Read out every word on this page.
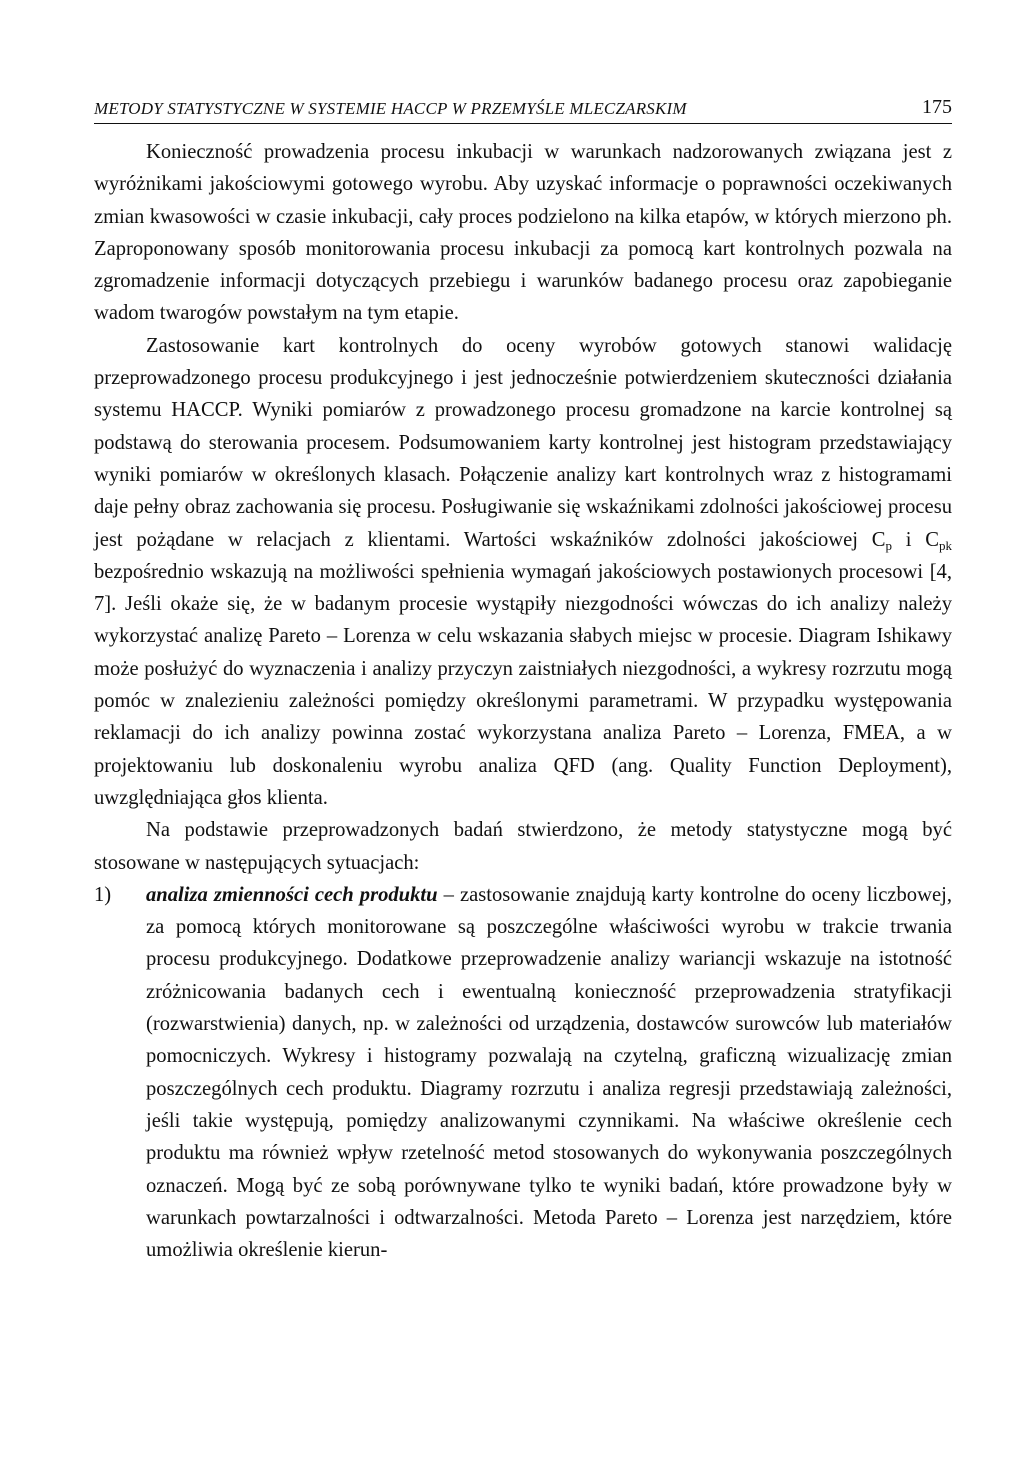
METODY STATYSTYCZNE W SYSTEMIE HACCP W PRZEMYŚLE MLECZARSKIM	175

Konieczność prowadzenia procesu inkubacji w warunkach nadzorowanych związana jest z wyróżnikami jakościowymi gotowego wyrobu. Aby uzyskać informacje o poprawności oczekiwanych zmian kwasowości w czasie inkubacji, cały proces podzielono na kilka etapów, w których mierzono ph. Zaproponowany sposób monitorowania procesu inkubacji za pomocą kart kontrolnych pozwala na zgromadzenie informacji dotyczących przebiegu i warunków badanego procesu oraz zapobieganie wadom twarogów powstałym na tym etapie.

Zastosowanie kart kontrolnych do oceny wyrobów gotowych stanowi walidację przeprowadzonego procesu produkcyjnego i jest jednocześnie potwierdzeniem skuteczności działania systemu HACCP. Wyniki pomiarów z prowadzonego procesu gromadzone na karcie kontrolnej są podstawą do sterowania procesem. Podsumowaniem karty kontrolnej jest histogram przedstawiający wyniki pomiarów w określonych klasach. Połączenie analizy kart kontrolnych wraz z histogramami daje pełny obraz zachowania się procesu. Posługiwanie się wskaźnikami zdolności jakościowej procesu jest pożądane w relacjach z klientami. Wartości wskaźników zdolności jakościowej $C_p$ i $C_{pk}$ bezpośrednio wskazują na możliwości spełnienia wymagań jakościowych postawionych procesowi [4, 7]. Jeśli okaże się, że w badanym procesie wystąpiły niezgodności wówczas do ich analizy należy wykorzystać analizę Pareto – Lorenza w celu wskazania słabych miejsc w procesie. Diagram Ishikawy może posłużyć do wyznaczenia i analizy przyczyn zaistniałych niezgodności, a wykresy rozrzutu mogą pomóc w znalezieniu zależności pomiędzy określonymi parametrami. W przypadku występowania reklamacji do ich analizy powinna zostać wykorzystana analiza Pareto – Lorenza, FMEA, a w projektowaniu lub doskonaleniu wyrobu analiza QFD (ang. Quality Function Deployment), uwzględniająca głos klienta.

Na podstawie przeprowadzonych badań stwierdzono, że metody statystyczne mogą być stosowane w następujących sytuacjach:

1)	analiza zmienności cech produktu – zastosowanie znajdują karty kontrolne do oceny liczbowej, za pomocą których monitorowane są poszczególne właściwości wyrobu w trakcie trwania procesu produkcyjnego. Dodatkowe przeprowadzenie analizy wariancji wskazuje na istotność zróżnicowania badanych cech i ewentualną konieczność przeprowadzenia stratyfikacji (rozwarstwienia) danych, np. w zależności od urządzenia, dostawców surowców lub materiałów pomocniczych. Wykresy i histogramy pozwalają na czytelną, graficzną wizualizację zmian poszczególnych cech produktu. Diagramy rozrzutu i analiza regresji przedstawiają zależności, jeśli takie występują, pomiędzy analizowanymi czynnikami. Na właściwe określenie cech produktu ma również wpływ rzetelność metod stosowanych do wykonywania poszczególnych oznaczeń. Mogą być ze sobą porównywane tylko te wyniki badań, które prowadzone były w warunkach powtarzalności i odtwarzalności. Metoda Pareto – Lorenza jest narzędziem, które umożliwia określenie kierun-
